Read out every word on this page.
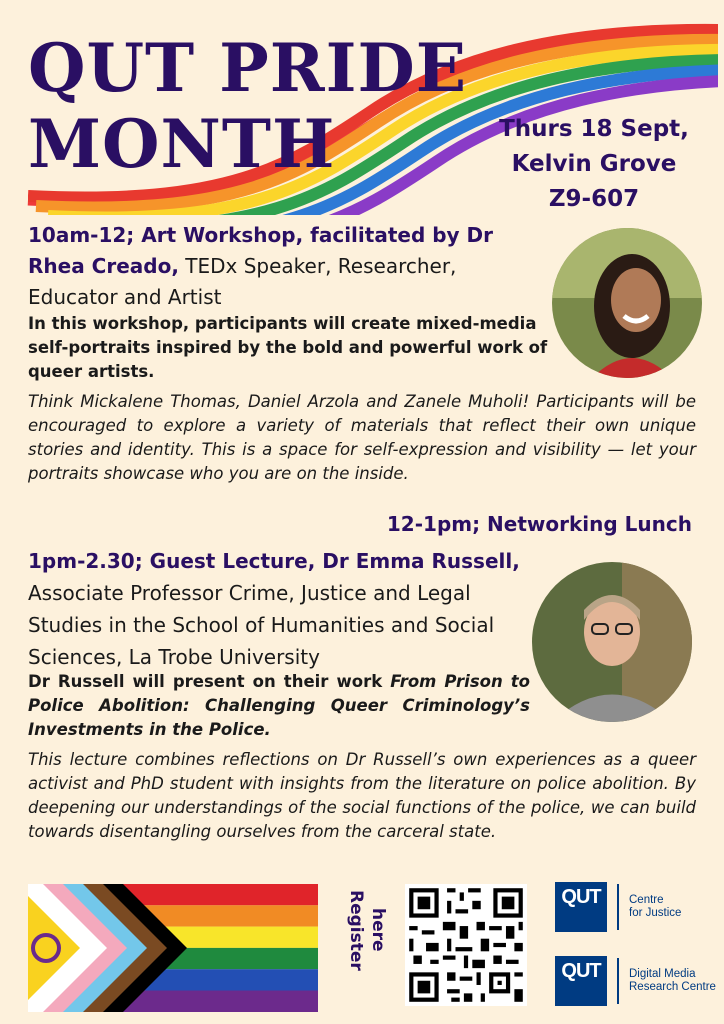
QUT PRIDE
MONTH	Thurs 18 Sept,
Kelvin Grove
Z9-607
10am-12; Art Workshop, facilitated by Dr Rhea Creado, TEDx Speaker, Researcher, Educator and Artist
In this workshop, participants will create mixed-media self-portraits inspired by the bold and powerful work of queer artists.
Think Mickalene Thomas, Daniel Arzola and Zanele Muholi! Participants will be encouraged to explore a variety of materials that reflect their own unique stories and identity. This is a space for self-expression and visibility — let your portraits showcase who you are on the inside.
12-1pm; Networking Lunch
1pm-2.30; Guest Lecture, Dr Emma Russell,
Associate Professor Crime, Justice and Legal Studies in the School of Humanities and Social Sciences, La Trobe University
Dr Russell will present on their work From Prison to Police Abolition: Challenging Queer Criminology’s Investments in the Police.
This lecture combines reflections on Dr Russell’s own experiences as a queer activist and PhD student with insights from the literature on police abolition. By deepening our understandings of the social functions of the police, we can build towards disentangling ourselves from the carceral state.
Register here
QUT	Centre
for Justice
QUT	Digital Media
Research Centre
